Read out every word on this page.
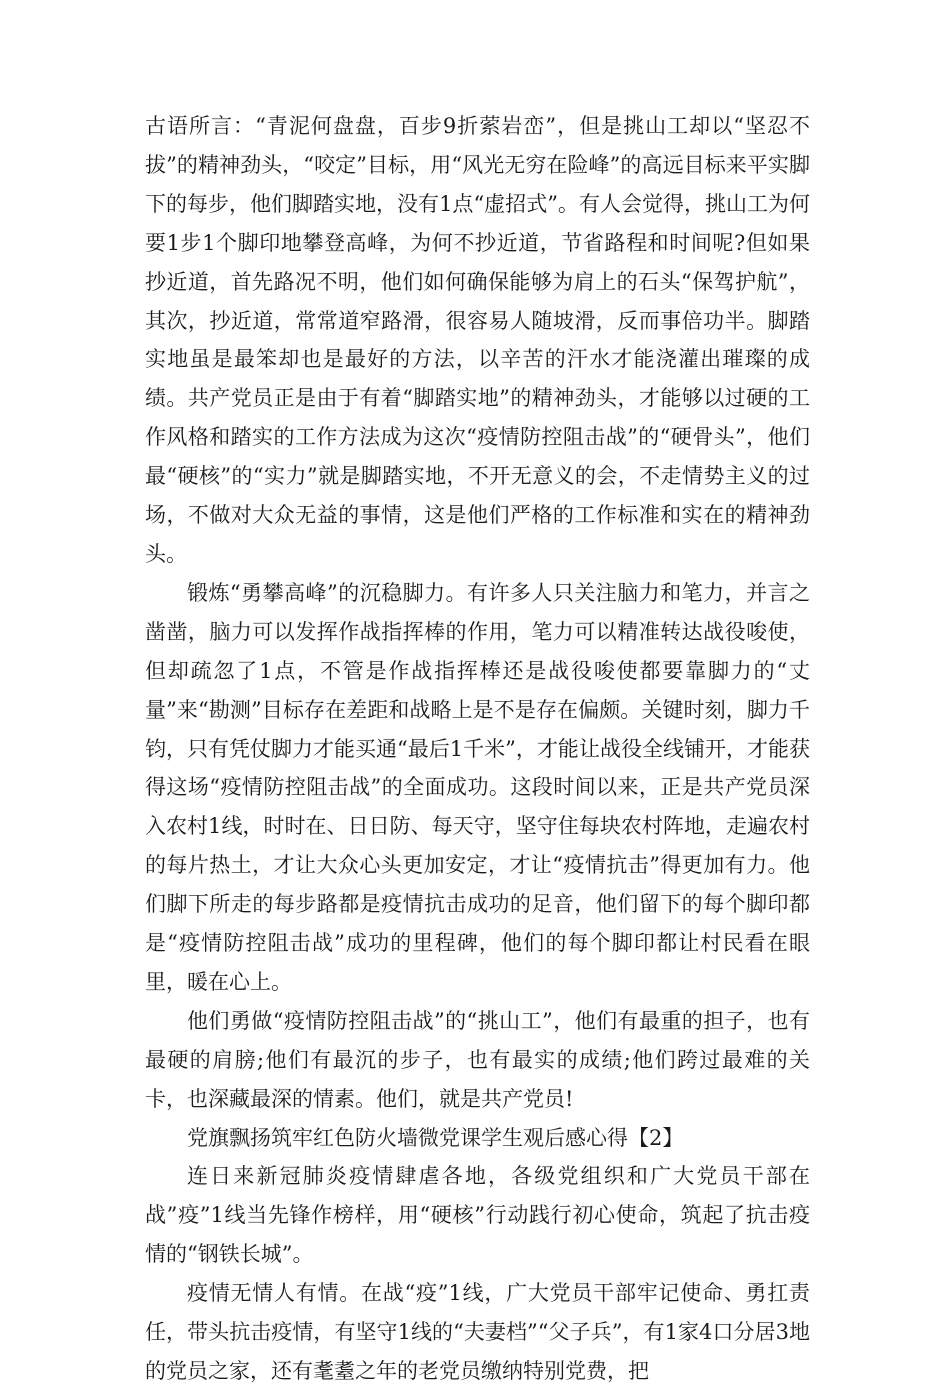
古语所言：“青泥何盘盘，百步9折萦岩峦”，但是挑山工却以“坚忍不拔”的精神劲头，“咬定”目标，用“风光无穷在险峰”的高远目标来平实脚下的每步，他们脚踏实地，没有1点“虚招式”。有人会觉得，挑山工为何要1步1个脚印地攀登高峰，为何不抄近道，节省路程和时间呢?但如果抄近道，首先路况不明，他们如何确保能够为肩上的石头“保驾护航”，其次，抄近道，常常道窄路滑，很容易人随坡滑，反而事倍功半。脚踏实地虽是最笨却也是最好的方法，以辛苦的汗水才能浇灌出璀璨的成绩。共产党员正是由于有着“脚踏实地”的精神劲头，才能够以过硬的工作风格和踏实的工作方法成为这次“疫情防控阻击战”的“硬骨头”，他们最“硬核”的“实力”就是脚踏实地，不开无意义的会，不走情势主义的过场，不做对大众无益的事情，这是他们严格的工作标准和实在的精神劲头。

锻炼“勇攀高峰”的沉稳脚力。有许多人只关注脑力和笔力，并言之凿凿，脑力可以发挥作战指挥棒的作用，笔力可以精准转达战役唆使，但却疏忽了1点，不管是作战指挥棒还是战役唆使都要靠脚力的“丈量”来“勘测”目标存在差距和战略上是不是存在偏颇。关键时刻，脚力千钧，只有凭仗脚力才能买通“最后1千米”，才能让战役全线铺开，才能获得这场“疫情防控阻击战”的全面成功。这段时间以来，正是共产党员深入农村1线，时时在、日日防、每天守，坚守住每块农村阵地，走遍农村的每片热土，才让大众心头更加安定，才让“疫情抗击”得更加有力。他们脚下所走的每步路都是疫情抗击成功的足音，他们留下的每个脚印都是“疫情防控阻击战”成功的里程碑，他们的每个脚印都让村民看在眼里，暖在心上。

他们勇做“疫情防控阻击战”的“挑山工”，他们有最重的担子，也有最硬的肩膀;他们有最沉的步子，也有最实的成绩;他们跨过最难的关卡，也深藏最深的情素。他们，就是共产党员!

党旗飘扬筑牢红色防火墙微党课学生观后感心得【2】

连日来新冠肺炎疫情肆虐各地，各级党组织和广大党员干部在战”疫”1线当先锋作榜样，用“硬核”行动践行初心使命，筑起了抗击疫情的“钢铁长城”。

疫情无情人有情。在战“疫”1线，广大党员干部牢记使命、勇扛责任，带头抗击疫情，有坚守1线的“夫妻档”“父子兵”，有1家4口分居3地的党员之家，还有耄耋之年的老党员缴纳特别党费，把
